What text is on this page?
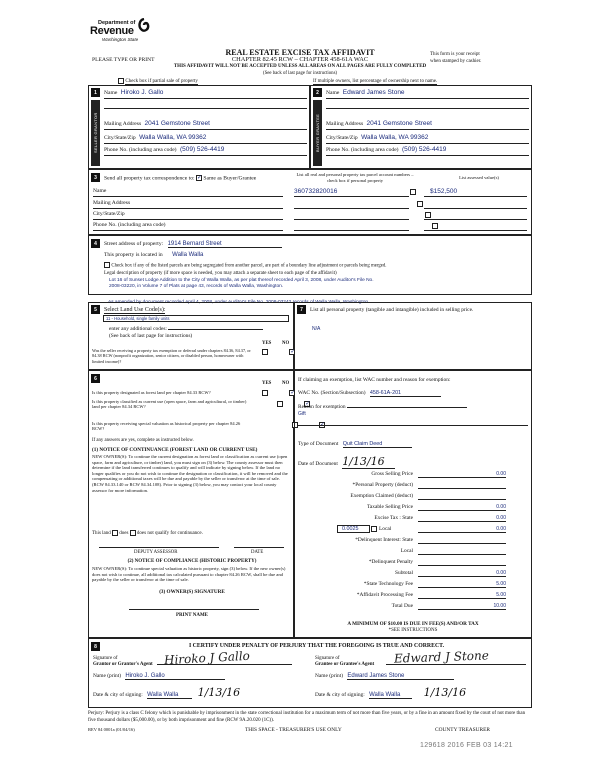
Department of
Revenue
Washington State
REAL ESTATE EXCISE TAX AFFIDAVIT
PLEASE TYPE OR PRINT	CHAPTER 82.45 RCW – CHAPTER 458-61A WAC
THIS AFFIDAVIT WILL NOT BE ACCEPTED UNLESS ALL AREAS ON ALL PAGES ARE FULLY COMPLETED
(See back of last page for instructions)
This form is your receipt
when stamped by cashier.
Check box if partial sale of property	If multiple owners, list percentage of ownership next to name.
1
SELLER GRANTOR
Name Hiroko J. Gallo
Mailing Address 2041 Gemstone Street
City/State/Zip Walla Walla, WA 99362
Phone No. (including area code) (509) 526-4419
2
BUYER GRANTEE
Name Edward James Stone
Mailing Address 2041 Gemstone Street
City/State/Zip Walla Walla, WA 99362
Phone No. (including area code) (509) 526-4419
3	Send all property tax correspondence to: ✓ Same as Buyer/Grantee
Name
Mailing Address
City/State/Zip
Phone No. (including area code)
List all real and personal property tax parcel account numbers – check box if personal property	List assessed value(s)
360732820016
	$152,500

4	Street address of property: 1914 Bernard Street
This property is located in Walla Walla
Check box if any of the listed parcels are being segregated from another parcel, are part of a boundary line adjustment or parcels being merged.
Legal description of property (if more space is needed, you may attach a separate sheet to each page of the affidavit)
Lot 16 of Sunset Lodge Addition to the City of Walla Walla, as per plat thereof recorded April 3, 2008, under Auditor's File No.
2008-03220, in Volume 7 of Plats at page 43, records of Walla Walla, Washington.
As amended by document recorded April 4, 2008, under Auditor's File No. 2008-03242 records of Walla Walla, Washington.
5	Select Land Use Code(s):
11 - Household, single family units
enter any additional codes:
(See back of last page for instructions)
YES NO
Was the seller receiving a property tax exemption or deferral under chapters 84.36, 84.37, or 84.38 RCW (nonprofit organization, senior citizen, or disabled person, homeowner with limited income)?
✓
6
YES NO
Is this property designated as forest land per chapter 84.33 RCW?
✓
Is this property classified as current use (open space, farm and agricultural, or timber) land per chapter 84.34 RCW?
✓
Is this property receiving special valuation as historical property per chapter 84.26 RCW?
✓
If any answers are yes, complete as instructed below.
(1) NOTICE OF CONTINUANCE (FOREST LAND OR CURRENT USE)
NEW OWNER(S): To continue the current designation as forest land or classification as current use (open space, farm and agriculture, or timber) land, you must sign on (3) below. The county assessor must then determine if the land transferred continues to qualify and will indicate by signing below. If the land no longer qualifies or you do not wish to continue the designation or classification, it will be removed and the compensating or additional taxes will be due and payable by the seller or transferor at the time of sale. (RCW 84.33.140 or RCW 84.34.108). Prior to signing (3) below, you may contact your local county assessor for more information.
This land does does not qualify for continuance.
DEPUTY ASSESSOR	DATE
(2) NOTICE OF COMPLIANCE (HISTORIC PROPERTY)
NEW OWNER(S): To continue special valuation as historic property, sign (3) below. If the new owner(s) does not wish to continue, all additional tax calculated pursuant to chapter 84.26 RCW, shall be due and payable by the seller or transferor at the time of sale.
(3) OWNER(S) SIGNATURE
PRINT NAME
7	List all personal property (tangible and intangible) included in selling price.
N/A
If claiming an exemption, list WAC number and reason for exemption:
WAC No. (Section/Subsection) 458-61A-201
Reason for exemption
Gift
Type of Document Quit Claim Deed
Date of Document 1/13/16
Gross Selling Price	0.00
*Personal Property (deduct)
Exemption Claimed (deduct)
Taxable Selling Price	0.00
Excise Tax : State	0.00
0.0025	Local	0.00
*Delinquent Interest: State
Local
*Delinquent Penalty
Subtotal	0.00
*State Technology Fee	5.00
*Affidavit Processing Fee	5.00
Total Due	10.00
A MINIMUM OF $10.00 IS DUE IN FEE(S) AND/OR TAX
*SEE INSTRUCTIONS
8	I CERTIFY UNDER PENALTY OF PERJURY THAT THE FOREGOING IS TRUE AND CORRECT.
Signature of
Grantor or Grantor's Agent Hiroko J Gallo
Name (print) Hiroko J. Gallo
Date & city of signing: Walla Walla 1/13/16
Signature of
Grantee or Grantee's Agent Edward J Stone
Name (print) Edward James Stone
Date & city of signing: Walla Walla 1/13/16
Perjury: Perjury is a class C felony which is punishable by imprisonment in the state correctional institution for a maximum term of not more than five years, or by a fine in an amount fixed by the court of not more than five thousand dollars ($5,000.00), or by both imprisonment and fine (RCW 9A.20.020 (1C)).
REV 84 0001a (01/04/16)	THIS SPACE - TREASURER'S USE ONLY	COUNTY TREASURER
129618 2016 FEB 03 14:21
